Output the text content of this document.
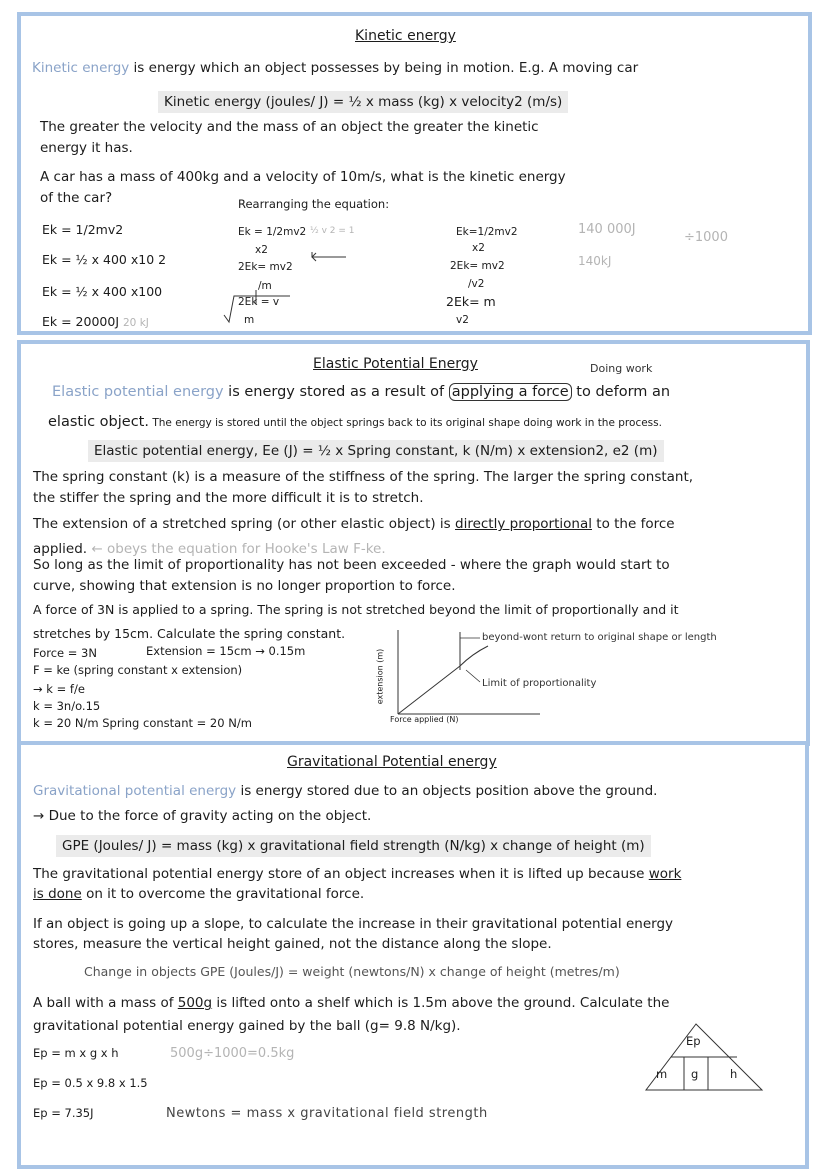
Kinetic energy
Kinetic energy is energy which an object possesses by being in motion. E.g. A moving car
Kinetic energy (joules/ J) = ½ x mass (kg) x velocity2 (m/s)
The greater the velocity and the mass of an object the greater the kinetic
energy it has.
A car has a mass of 400kg and a velocity of 10m/s, what is the kinetic energy
of the car?	Rearranging the equation:
Ek = 1/2mv2
Ek = ½ x 400 x10 2
Ek = ½ x 400 x100
Ek = 20000J 20 kJ
Ek = 1/2mv2 ½ v 2 = 1
x2
2Ek= mv2
/m
2Ek = v
m
Ek=1/2mv2
x2
2Ek= mv2
/v2
2Ek= m
v2
140 000J
÷1000
140kJ
Elastic Potential Energy	Doing work
Elastic potential energy is energy stored as a result of applying a force to deform an
elastic object. The energy is stored until the object springs back to its original shape doing work in the process.
Elastic potential energy, Ee (J) = ½ x Spring constant, k (N/m) x extension2, e2 (m)
The spring constant (k) is a measure of the stiffness of the spring. The larger the spring constant,
the stiffer the spring and the more difficult it is to stretch.
The extension of a stretched spring (or other elastic object) is directly proportional to the force
applied. ← obeys the equation for Hooke's Law F-ke.
So long as the limit of proportionality has not been exceeded - where the graph would start to
curve, showing that extension is no longer proportion to force.
A force of 3N is applied to a spring. The spring is not stretched beyond the limit of proportionally and it
stretches by 15cm. Calculate the spring constant.
Force = 3N	Extension = 15cm → 0.15m
F = ke (spring constant x extension)
→ k = f/e
k = 3n/o.15
k = 20 N/m Spring constant = 20 N/m
extension (m)
Force applied (N)
beyond-wont return to original shape or length
Limit of proportionality
Gravitational Potential energy
Gravitational potential energy is energy stored due to an objects position above the ground.
→ Due to the force of gravity acting on the object.
GPE (Joules/ J) = mass (kg) x gravitational field strength (N/kg) x change of height (m)
The gravitational potential energy store of an object increases when it is lifted up because work
is done on it to overcome the gravitational force.
If an object is going up a slope, to calculate the increase in their gravitational potential energy
stores, measure the vertical height gained, not the distance along the slope.
Change in objects GPE (Joules/J) = weight (newtons/N) x change of height (metres/m)
A ball with a mass of 500g is lifted onto a shelf which is 1.5m above the ground. Calculate the
gravitational potential energy gained by the ball (g= 9.8 N/kg).
Ep = m x g x h	500g÷1000=0.5kg
Ep = 0.5 x 9.8 x 1.5
Ep = 7.35J
Ep
m g	h
Newtons = mass x gravitational field strength
